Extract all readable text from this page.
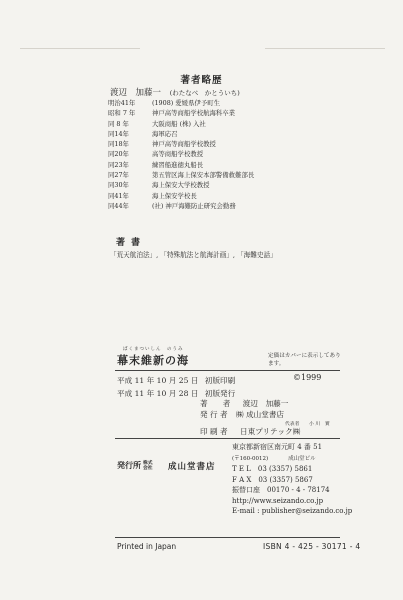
著者略歴
渡辺　加藤一 (わたなべ　かとういち)
明治41年	(1908) 愛媛県伊予町生
昭和 7 年	神戸高等商船学校航海科卒業
同 8 年	大阪商船 (株) 入社
同14年	海軍応召
同18年	神戸高等商船学校教授
同20年	高等商船学校教授
同23年	練習船進徳丸船長
同27年	第五管区海上保安本部警備救難部長
同30年	海上保安大学校教授
同41年	海上保安学校長
同44年	(社) 神戸海難防止研究会勤務
著書
「荒天航泊法」, 「特殊航法と航海計画」, 「海難史話」
ばくまついしん　のうみ
幕末維新の海	定価はカバーに表示してあります。
平成 11 年 10 月 25 日 初版印刷	©1999
平成 11 年 10 月 28 日 初版発行
著　　者 渡辺　加藤一
発 行 者 ㈱ 成山堂書店
代表者 小 川　實
印 刷 者 日東プリテック㈱
発行所 株式会社	成山堂書店
東京都新宿区南元町 4 番 51
(〒160-0012)	成山堂ビル
T E L　03 (3357) 5861
F A X　03 (3357) 5867
振替口座　00170 - 4 - 78174
http://www.seizando.co.jp
E-mail : publisher@seizando.co.jp
Printed in Japan	ISBN 4 - 425 - 30171 - 4
